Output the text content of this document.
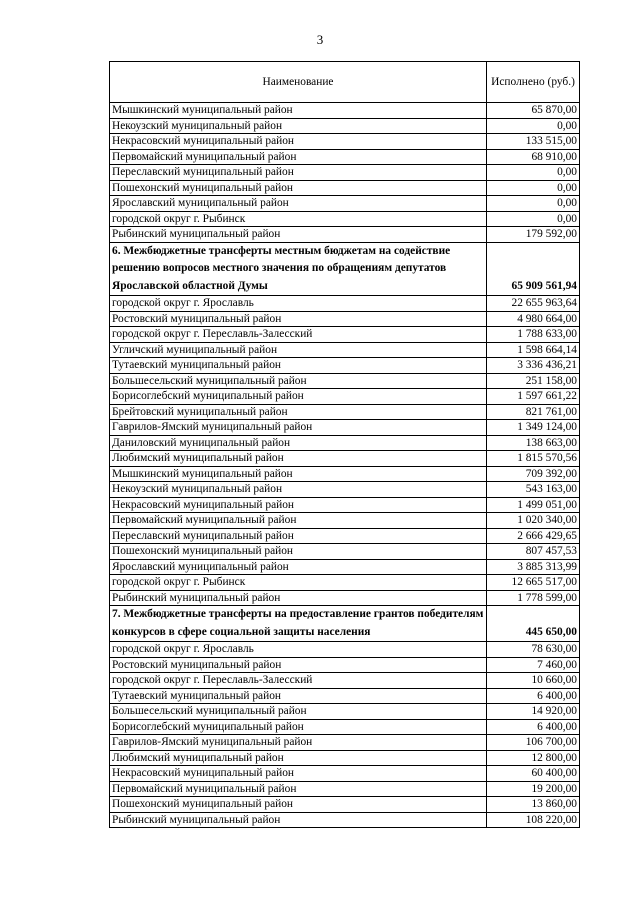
3
Наименование	Исполнено (руб.)
Мышкинский муниципальный район	65 870,00
Некоузский муниципальный район	0,00
Некрасовский муниципальный район	133 515,00
Первомайский муниципальный район	68 910,00
Переславский муниципальный район	0,00
Пошехонский муниципальный район	0,00
Ярославский муниципальный район	0,00
городской округ г. Рыбинск	0,00
Рыбинский муниципальный район	179 592,00
6. Межбюджетные трансферты местным бюджетам на содействие решению вопросов местного значения по обращениям депутатов Ярославской областной Думы	65 909 561,94
городской округ г. Ярославль	22 655 963,64
Ростовский муниципальный район	4 980 664,00
городской округ г. Переславль-Залесский	1 788 633,00
Угличский муниципальный район	1 598 664,14
Тутаевский муниципальный район	3 336 436,21
Большесельский муниципальный район	251 158,00
Борисоглебский муниципальный район	1 597 661,22
Брейтовский муниципальный район	821 761,00
Гаврилов-Ямский муниципальный район	1 349 124,00
Даниловский муниципальный район	138 663,00
Любимский муниципальный район	1 815 570,56
Мышкинский муниципальный район	709 392,00
Некоузский муниципальный район	543 163,00
Некрасовский муниципальный район	1 499 051,00
Первомайский муниципальный район	1 020 340,00
Переславский муниципальный район	2 666 429,65
Пошехонский муниципальный район	807 457,53
Ярославский муниципальный район	3 885 313,99
городской округ г. Рыбинск	12 665 517,00
Рыбинский муниципальный район	1 778 599,00
7. Межбюджетные трансферты на предоставление грантов победителям конкурсов в сфере социальной защиты населения	445 650,00
городской округ г. Ярославль	78 630,00
Ростовский муниципальный район	7 460,00
городской округ г. Переславль-Залесский	10 660,00
Тутаевский муниципальный район	6 400,00
Большесельский муниципальный район	14 920,00
Борисоглебский муниципальный район	6 400,00
Гаврилов-Ямский муниципальный район	106 700,00
Любимский муниципальный район	12 800,00
Некрасовский муниципальный район	60 400,00
Первомайский муниципальный район	19 200,00
Пошехонский муниципальный район	13 860,00
Рыбинский муниципальный район	108 220,00
